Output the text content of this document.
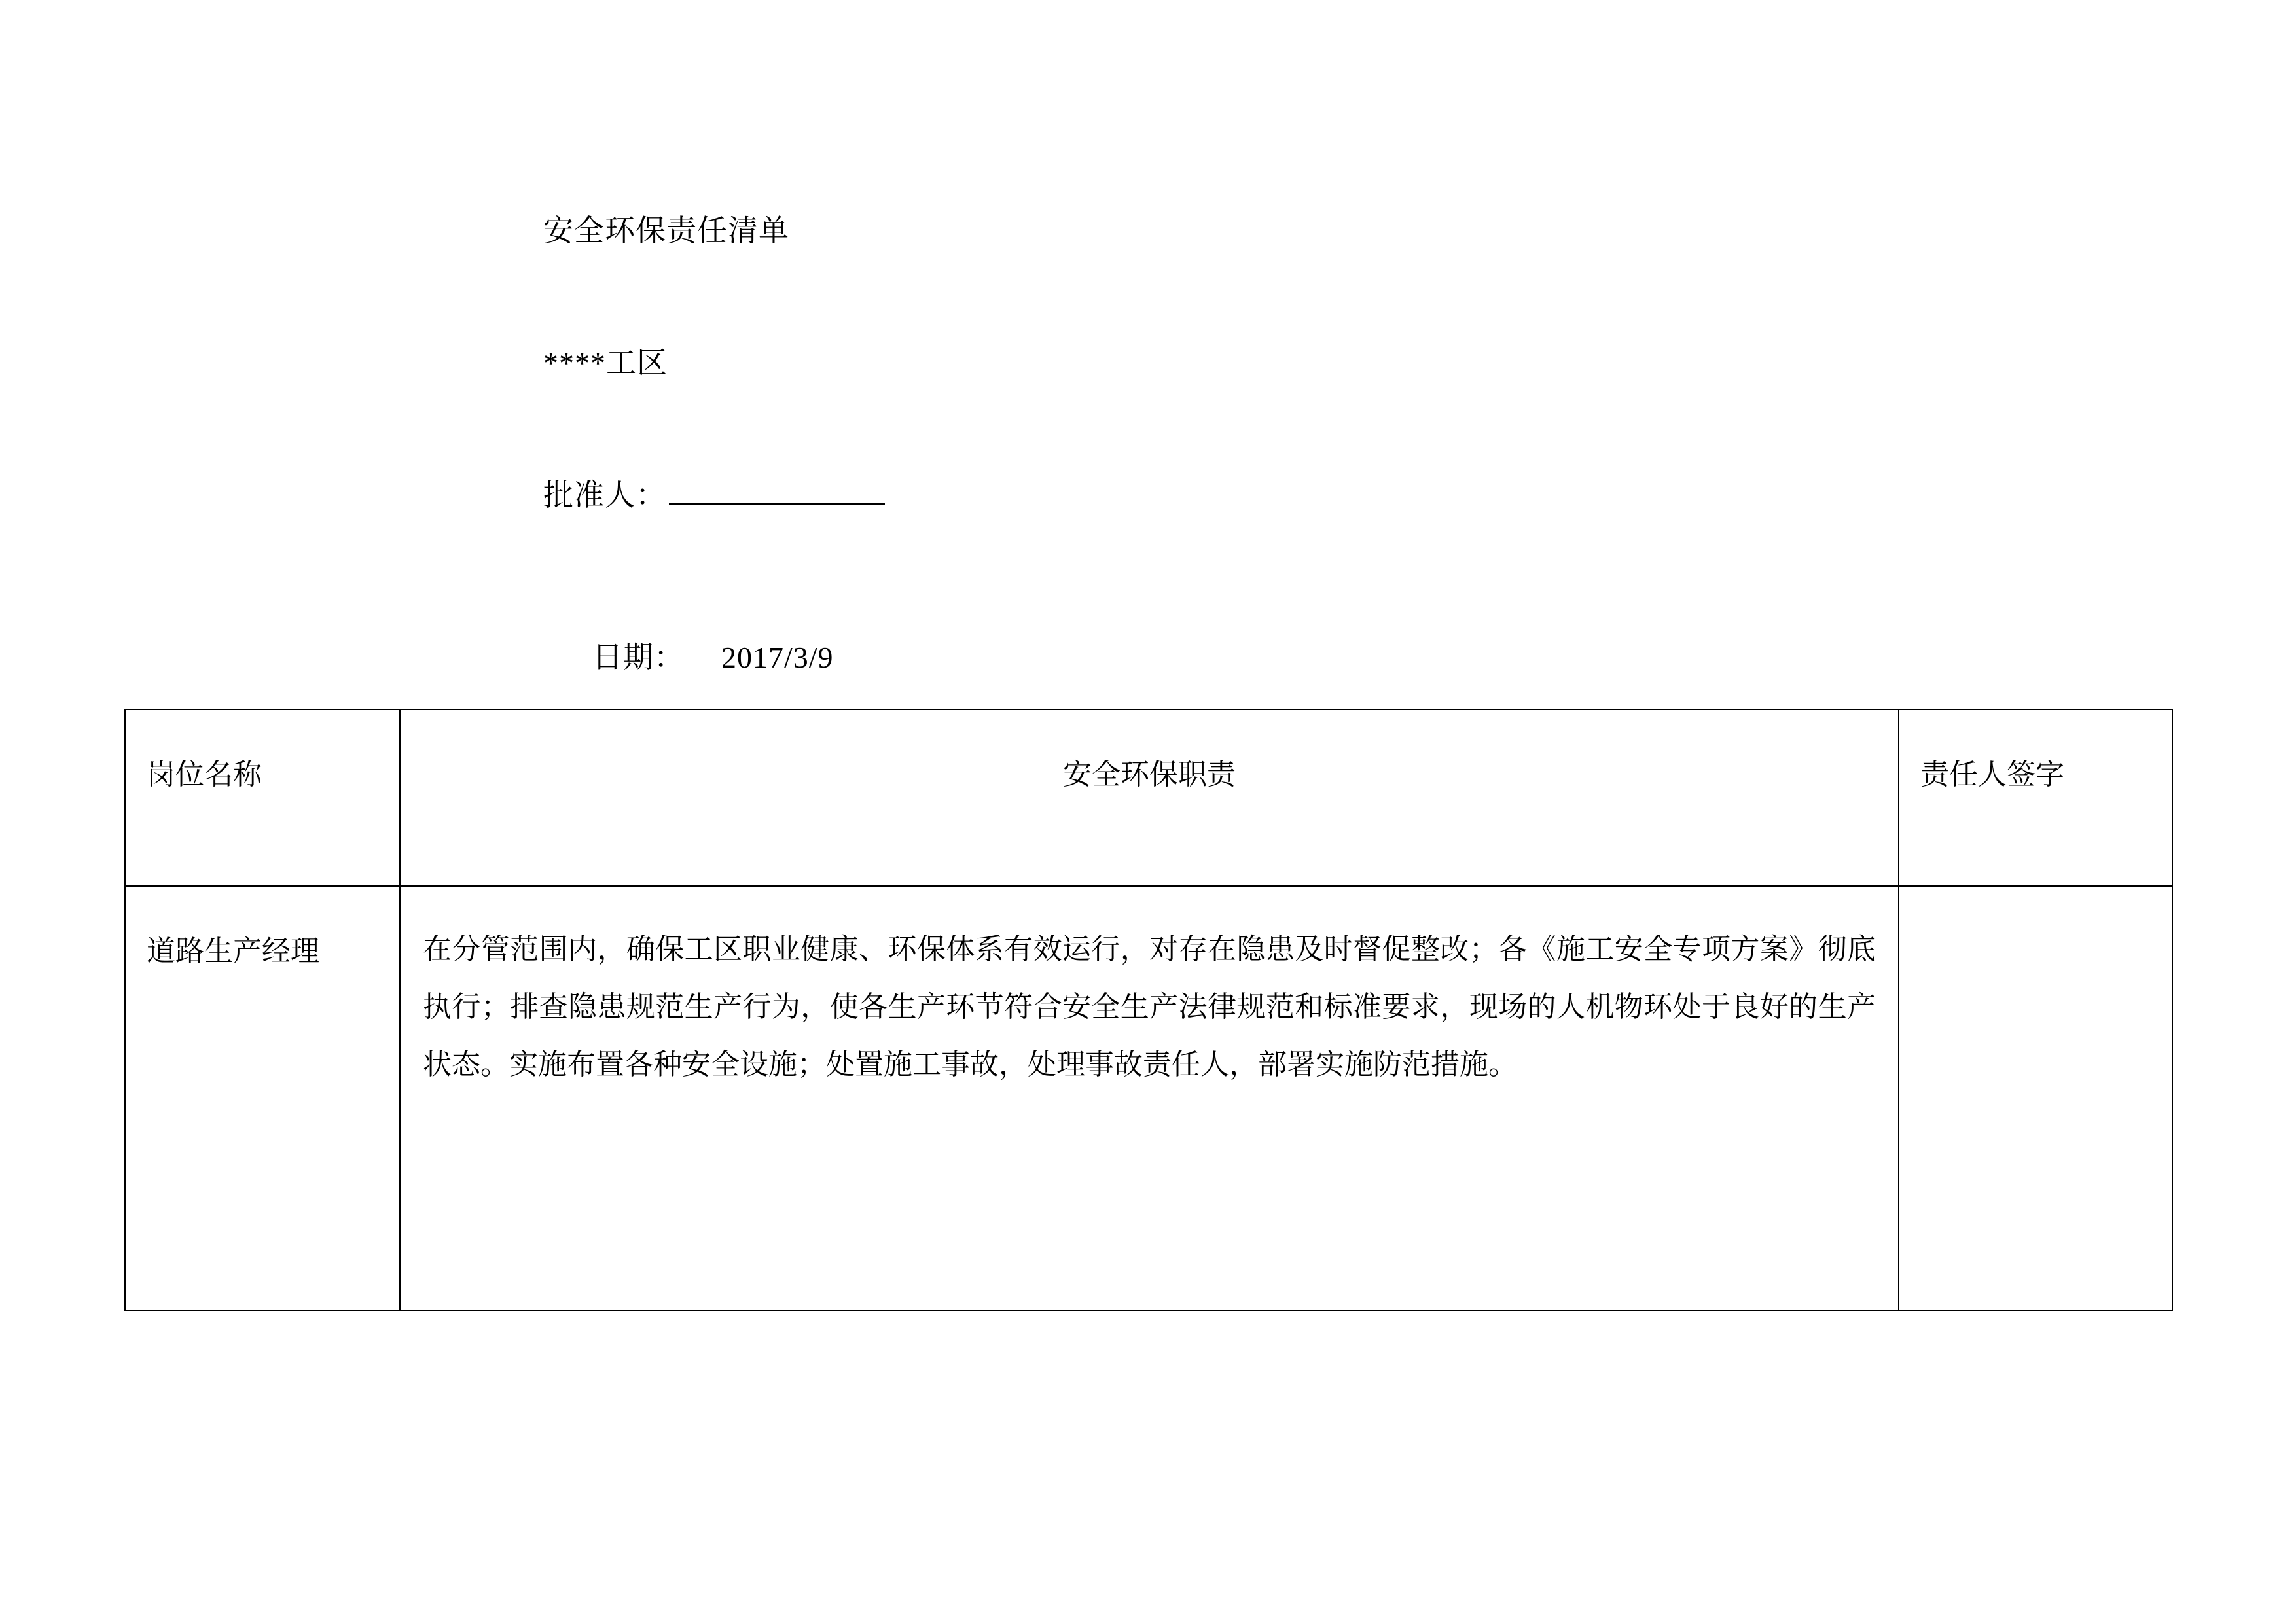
安全环保责任清单
****工区
批准人：

日期： 2017/3/9

岗位名称	安全环保职责	责任人签字

道路生产经理	在分管范围内，确保工区职业健康、环保体系有效运行，对存在隐患及时督促整改；各《施工安全专项方案》彻底执行；排查隐患规范生产行为，使各生产环节符合安全生产法律规范和标准要求，现场的人机物环处于良好的生产状态。实施布置各种安全设施；处置施工事故，处理事故责任人，部署实施防范措施。	
